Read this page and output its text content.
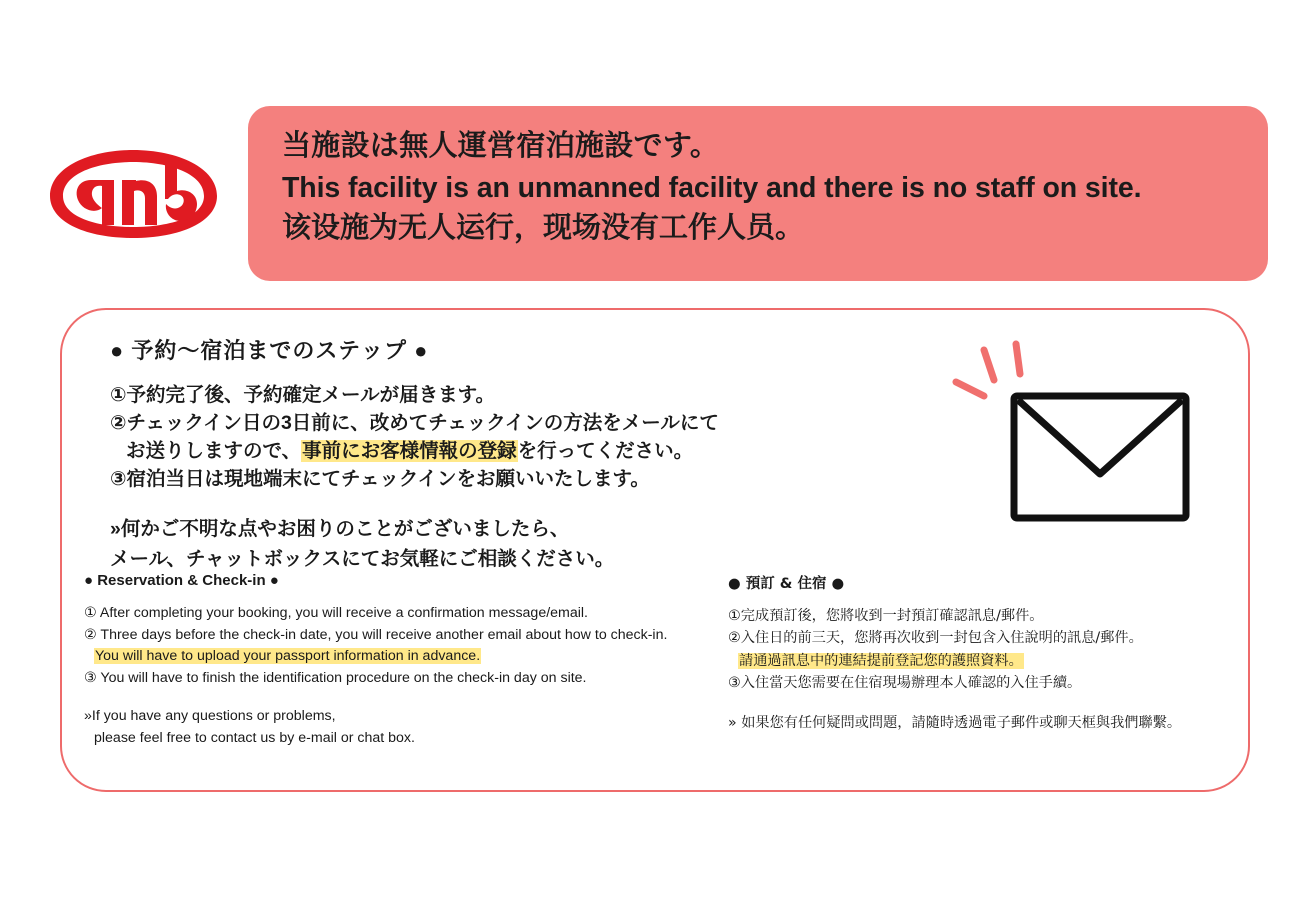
当施設は無人運営宿泊施設です。
This facility is an unmanned facility and there is no staff on site.
该设施为无人运行，现场没有工作人员。
● 予約〜宿泊までのステップ ●
①予約完了後、予約確定メールが届きます。
②チェックイン日の3日前に、改めてチェックインの方法をメールにて
お送りしますので、事前にお客様情報の登録を行ってください。
③宿泊当日は現地端末にてチェックインをお願いいたします。
»何かご不明な点やお困りのことがございましたら、
メール、チャットボックスにてお気軽にご相談ください。
● Reservation & Check-in ●
① After completing your booking, you will receive a confirmation message/email.
② Three days before the check-in date, you will receive another email about how to check-in.
You will have to upload your passport information in advance.
③ You will have to finish the identification procedure on the check-in day on site.
»If you have any questions or problems,
please feel free to contact us by e-mail or chat box.
● 預訂 & 住宿 ●
①完成預訂後，您將收到一封預訂確認訊息/郵件。
②入住日的前三天，您將再次收到一封包含入住說明的訊息/郵件。
請通過訊息中的連結提前登記您的護照資料。
③入住當天您需要在住宿現場辦理本人確認的入住手續。
» 如果您有任何疑問或問題，請隨時透過電子郵件或聊天框與我們聯繫。
